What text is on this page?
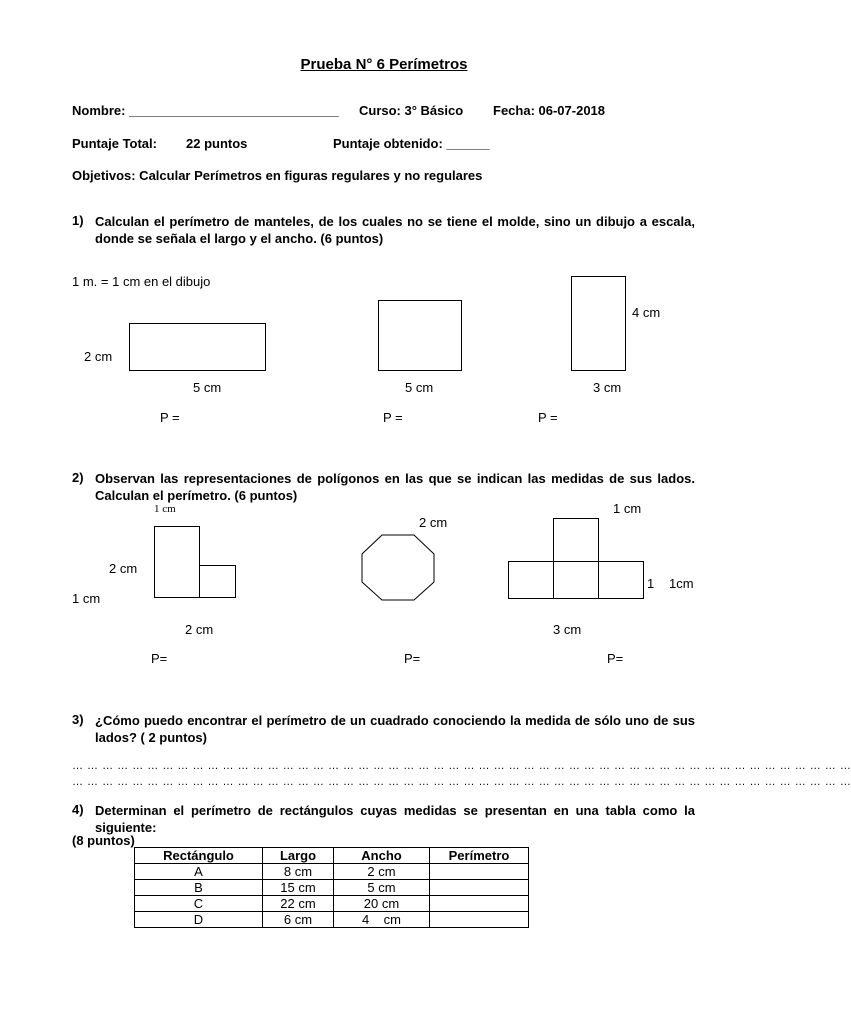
Prueba N° 6 Perímetros
Nombre: _____________________________ Curso: 3° Básico Fecha: 06-07-2018
Puntaje Total: 22 puntos	Puntaje obtenido: ______
Objetivos: Calcular Perímetros en figuras regulares y no regulares
1) Calculan el perímetro de manteles, de los cuales no se tiene el molde, sino un dibujo a escala, donde se señala el largo y el ancho. (6 puntos)
1 m. = 1 cm en el dibujo
2 cm
5 cm	5 cm
4 cm
3 cm
P =	P =	P =
2) Observan las representaciones de polígonos en las que se indican las medidas de sus lados. Calculan el perímetro. (6 puntos)
1 cm
2 cm
1 cm
2 cm
2 cm
1 cm
1 1cm
3 cm
P=	P=	P=
3) ¿Cómo puedo encontrar el perímetro de un cuadrado conociendo la medida de sólo uno de sus lados? ( 2 puntos)
… … … … … … … … … … … … … … … … … … … … … … … … … … … … … … … … … … … … … … … … … … … … … … … … … … … …
… … … … … … … … … … … … … … … … … … … … … … … … … … … … … … … … … … … … … … … … … … … … … … … … … … … …
4) Determinan el perímetro de rectángulos cuyas medidas se presentan en una tabla como la siguiente:
(8 puntos)
Rectángulo	Largo	Ancho	Perímetro
A	8 cm	2 cm	
B	15 cm	5 cm	
C	22 cm	20 cm	
D	6 cm	4    cm	
